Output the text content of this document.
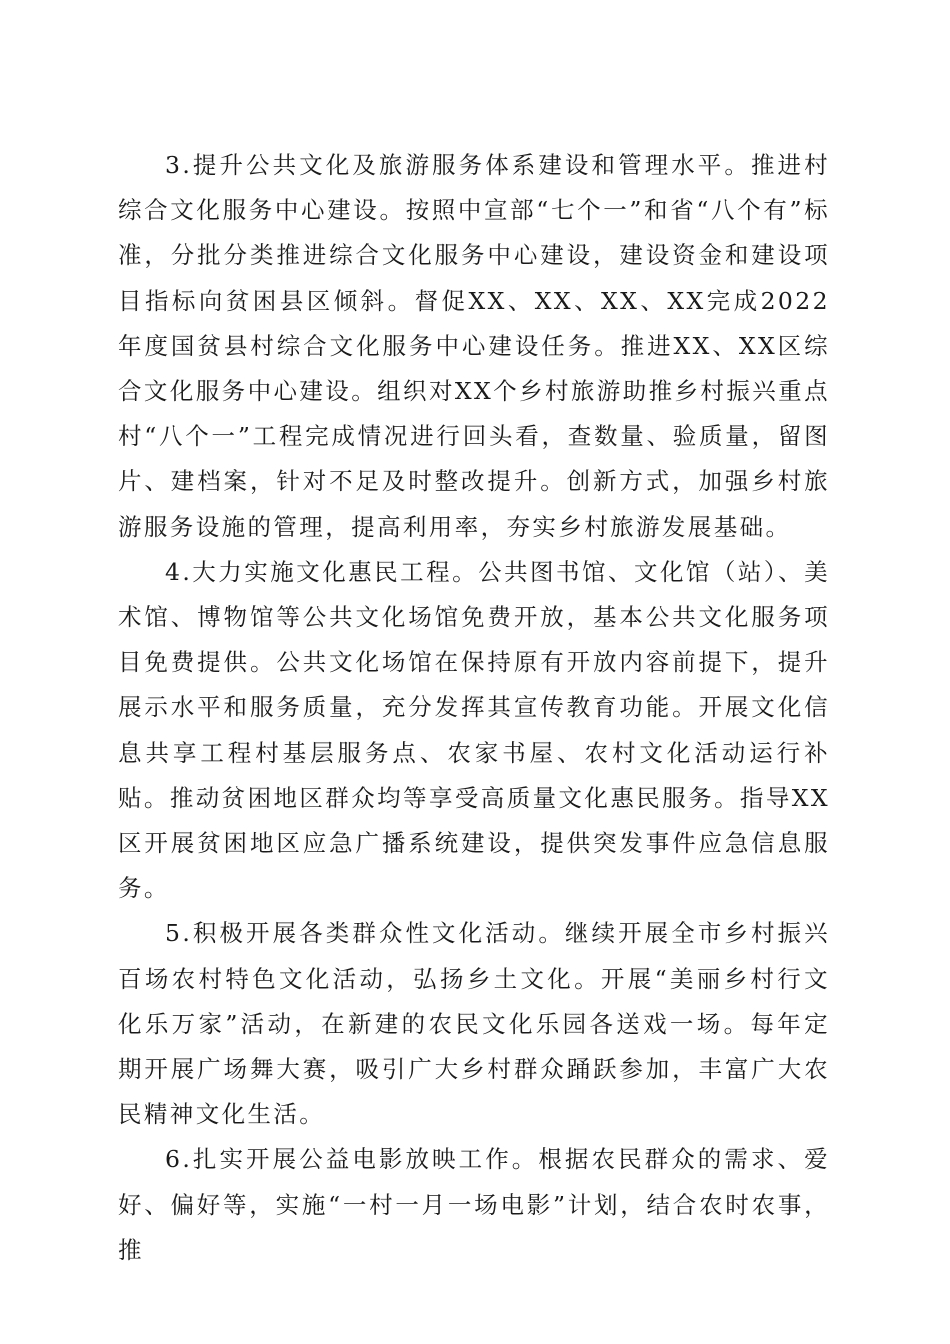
3.提升公共文化及旅游服务体系建设和管理水平。推进村综合文化服务中心建设。按照中宣部“七个一”和省“八个有”标准，分批分类推进综合文化服务中心建设，建设资金和建设项目指标向贫困县区倾斜。督促XX、XX、XX、XX完成2022年度国贫县村综合文化服务中心建设任务。推进XX、XX区综合文化服务中心建设。组织对XX个乡村旅游助推乡村振兴重点村“八个一”工程完成情况进行回头看，查数量、验质量，留图片、建档案，针对不足及时整改提升。创新方式，加强乡村旅游服务设施的管理，提高利用率，夯实乡村旅游发展基础。

4.大力实施文化惠民工程。公共图书馆、文化馆（站）、美术馆、博物馆等公共文化场馆免费开放，基本公共文化服务项目免费提供。公共文化场馆在保持原有开放内容前提下，提升展示水平和服务质量，充分发挥其宣传教育功能。开展文化信息共享工程村基层服务点、农家书屋、农村文化活动运行补贴。推动贫困地区群众均等享受高质量文化惠民服务。指导XX区开展贫困地区应急广播系统建设，提供突发事件应急信息服务。

5.积极开展各类群众性文化活动。继续开展全市乡村振兴百场农村特色文化活动，弘扬乡土文化。开展“美丽乡村行文化乐万家”活动，在新建的农民文化乐园各送戏一场。每年定期开展广场舞大赛，吸引广大乡村群众踊跃参加，丰富广大农民精神文化生活。

6.扎实开展公益电影放映工作。根据农民群众的需求、爱好、偏好等，实施“一村一月一场电影”计划，结合农时农事，推
